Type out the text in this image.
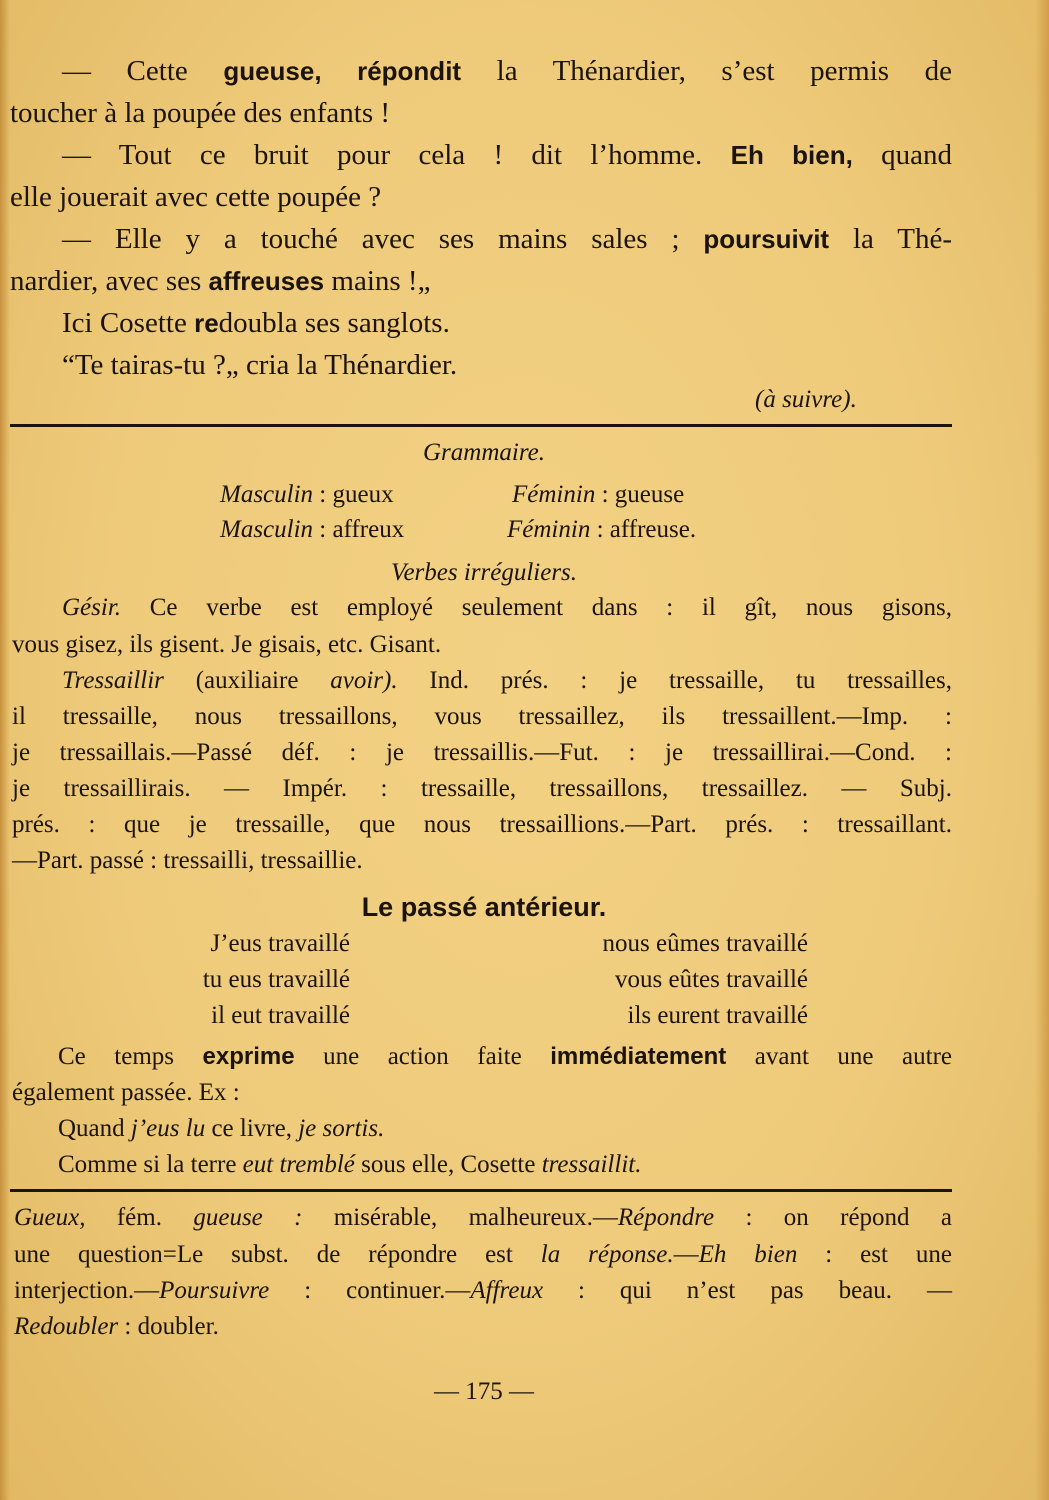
— Cette gueuse, répondit la Thénardier, s’est permis de
toucher à la poupée des enfants !
— Tout ce bruit pour cela ! dit l’homme. Eh bien, quand
elle jouerait avec cette poupée ?
— Elle y a touché avec ses mains sales ; poursuivit la Thé-
nardier, avec ses affreuses mains !„
Ici Cosette redoubla ses sanglots.
“Te tairas-tu ?„ cria la Thénardier.
(à suivre).
Grammaire.
Masculin : gueux	Féminin : gueuse
Masculin : affreux	Féminin : affreuse.
Verbes irréguliers.
Gésir. Ce verbe est employé seulement dans : il gît, nous gisons,
vous gisez, ils gisent. Je gisais, etc. Gisant.
Tressaillir (auxiliaire avoir). Ind. prés. : je tressaille, tu tressailles,
il tressaille, nous tressaillons, vous tressaillez, ils tressaillent.—Imp. :
je tressaillais.—Passé déf. : je tressaillis.—Fut. : je tressaillirai.—Cond. :
je tressaillirais. — Impér. : tressaille, tressaillons, tressaillez. — Subj.
prés. : que je tressaille, que nous tressaillions.—Part. prés. : tressaillant.
—Part. passé : tressailli, tressaillie.
Le passé antérieur.
J’eus travaillé
tu eus travaillé
il eut travaillé
nous eûmes travaillé
vous eûtes travaillé
ils eurent travaillé
Ce temps exprime une action faite immédiatement avant une autre
également passée. Ex :
Quand j’eus lu ce livre, je sortis.
Comme si la terre eut tremblé sous elle, Cosette tressaillit.
Gueux, fém. gueuse : misérable, malheureux.—Répondre : on répond a
une question=Le subst. de répondre est la réponse.—Eh bien : est une
interjection.—Poursuivre : continuer.—Affreux : qui n’est pas beau. —
Redoubler : doubler.
— 175 —
